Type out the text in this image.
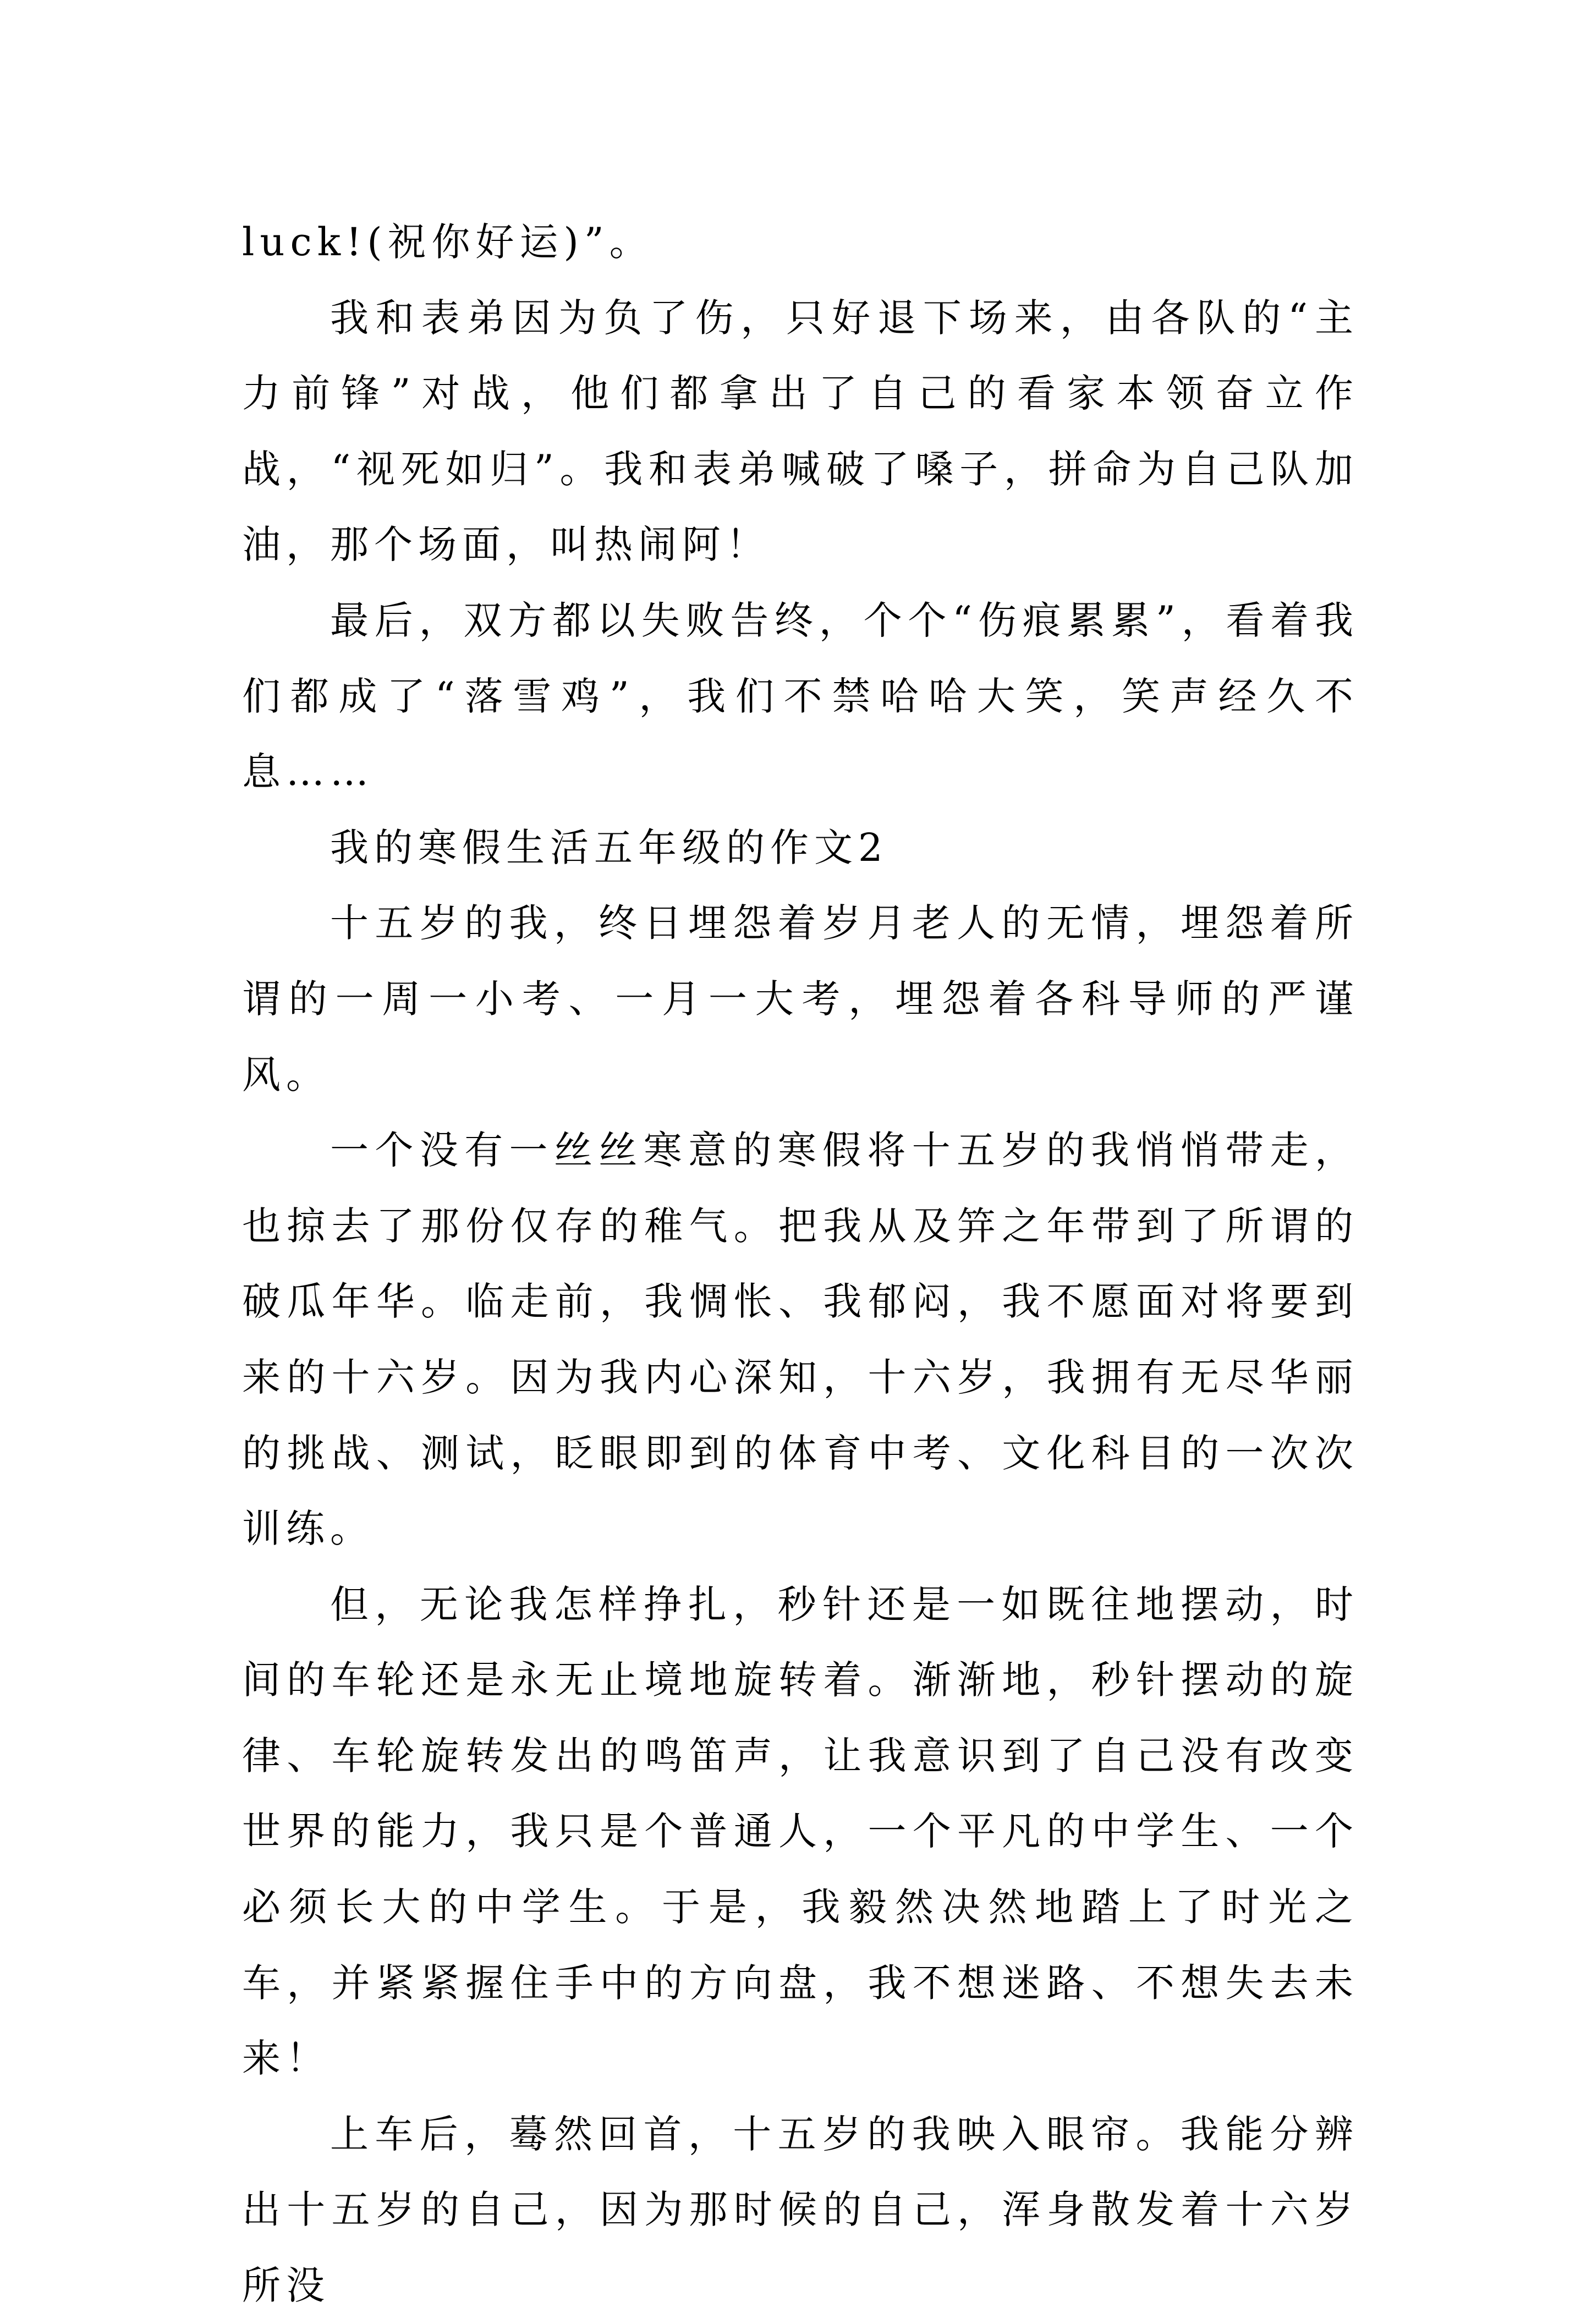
luck!(祝你好运)”。

我和表弟因为负了伤，只好退下场来，由各队的“主力前锋”对战，他们都拿出了自己的看家本领奋立作战，“视死如归”。我和表弟喊破了嗓子，拼命为自己队加油，那个场面，叫热闹阿！

最后，双方都以失败告终，个个“伤痕累累”，看着我们都成了“落雪鸡”，我们不禁哈哈大笑，笑声经久不息……

我的寒假生活五年级的作文2

十五岁的我，终日埋怨着岁月老人的无情，埋怨着所谓的一周一小考、一月一大考，埋怨着各科导师的严谨风。

一个没有一丝丝寒意的寒假将十五岁的我悄悄带走，也掠去了那份仅存的稚气。把我从及笄之年带到了所谓的破瓜年华。临走前，我惆怅、我郁闷，我不愿面对将要到来的十六岁。因为我内心深知，十六岁，我拥有无尽华丽的挑战、测试，眨眼即到的体育中考、文化科目的一次次训练。

但，无论我怎样挣扎，秒针还是一如既往地摆动，时间的车轮还是永无止境地旋转着。渐渐地，秒针摆动的旋律、车轮旋转发出的鸣笛声，让我意识到了自己没有改变世界的能力，我只是个普通人，一个平凡的中学生、一个必须长大的中学生。于是，我毅然决然地踏上了时光之车，并紧紧握住手中的方向盘，我不想迷路、不想失去未来！

上车后，蓦然回首，十五岁的我映入眼帘。我能分辨出十五岁的自己，因为那时候的自己，浑身散发着十六岁所没
